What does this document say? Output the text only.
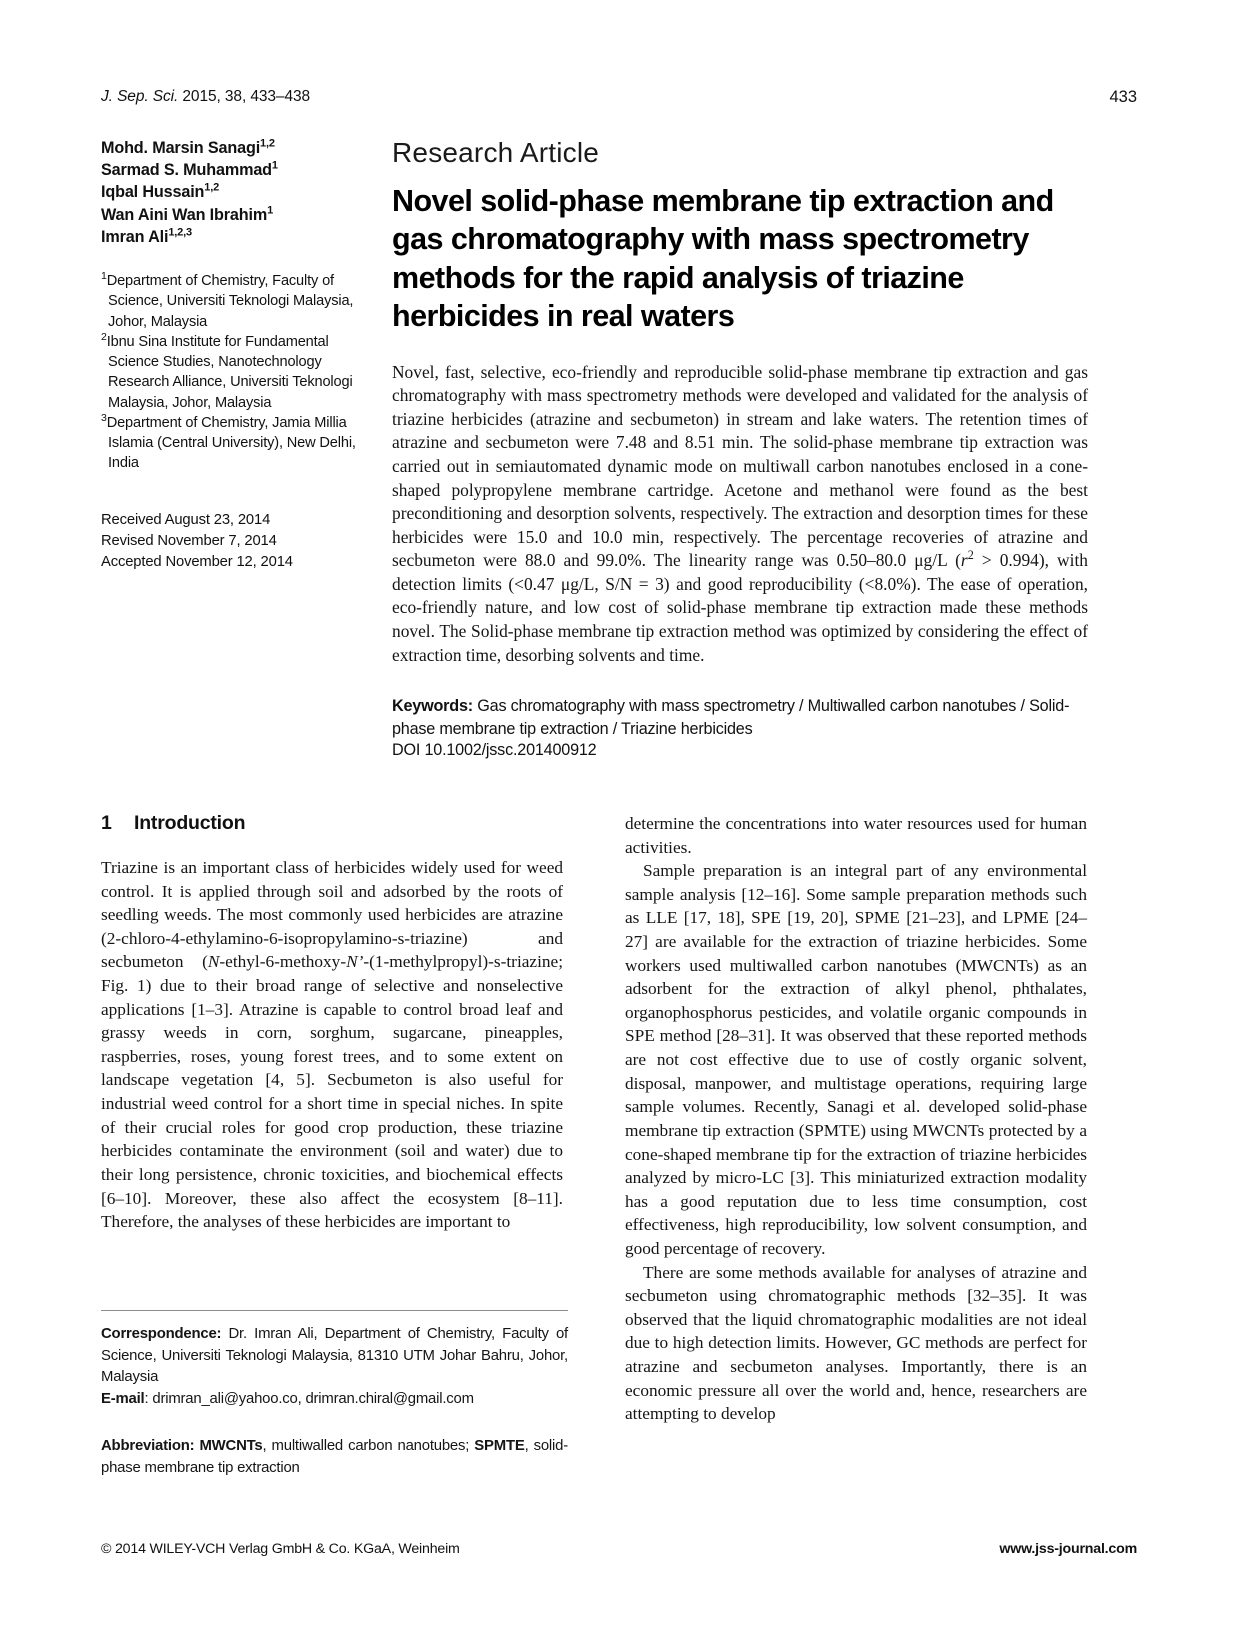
J. Sep. Sci. 2015, 38, 433–438	433
Mohd. Marsin Sanagi$^{1,2}$
Sarmad S. Muhammad$^1$
Iqbal Hussain$^{1,2}$
Wan Aini Wan Ibrahim$^1$
Imran Ali$^{1,2,3}$
$^1$Department of Chemistry, Faculty of Science, Universiti Teknologi Malaysia, Johor, Malaysia
$^2$Ibnu Sina Institute for Fundamental Science Studies, Nanotechnology Research Alliance, Universiti Teknologi Malaysia, Johor, Malaysia
$^3$Department of Chemistry, Jamia Millia Islamia (Central University), New Delhi, India
Received August 23, 2014
Revised November 7, 2014
Accepted November 12, 2014
Research Article
Novel solid-phase membrane tip extraction and gas chromatography with mass spectrometry methods for the rapid analysis of triazine herbicides in real waters
Novel, fast, selective, eco-friendly and reproducible solid-phase membrane tip extraction and gas chromatography with mass spectrometry methods were developed and validated for the analysis of triazine herbicides (atrazine and secbumeton) in stream and lake waters. The retention times of atrazine and secbumeton were 7.48 and 8.51 min. The solid-phase membrane tip extraction was carried out in semiautomated dynamic mode on multiwall carbon nanotubes enclosed in a cone-shaped polypropylene membrane cartridge. Acetone and methanol were found as the best preconditioning and desorption solvents, respectively. The extraction and desorption times for these herbicides were 15.0 and 10.0 min, respectively. The percentage recoveries of atrazine and secbumeton were 88.0 and 99.0%. The linearity range was 0.50–80.0 μg/L $(r^2 > 0.994)$, with detection limits (<0.47 μg/L, S/N = 3) and good reproducibility (<8.0%). The ease of operation, eco-friendly nature, and low cost of solid-phase membrane tip extraction made these methods novel. The Solid-phase membrane tip extraction method was optimized by considering the effect of extraction time, desorbing solvents and time.
Keywords: Gas chromatography with mass spectrometry / Multiwalled carbon nanotubes / Solid-phase membrane tip extraction / Triazine herbicides
DOI 10.1002/jssc.201400912
1 Introduction

Triazine is an important class of herbicides widely used for weed control. It is applied through soil and adsorbed by the roots of seedling weeds. The most commonly used herbicides are atrazine (2-chloro-4-ethylamino-6-isopropylamino-s-triazine) and secbumeton (N-ethyl-6-methoxy-N’-(1-methylpropyl)-s-triazine; Fig. 1) due to their broad range of selective and nonselective applications [1–3]. Atrazine is capable to control broad leaf and grassy weeds in corn, sorghum, sugarcane, pineapples, raspberries, roses, young forest trees, and to some extent on landscape vegetation [4, 5]. Secbumeton is also useful for industrial weed control for a short time in special niches. In spite of their crucial roles for good crop production, these triazine herbicides contaminate the environment (soil and water) due to their long persistence, chronic toxicities, and biochemical effects [6–10]. Moreover, these also affect the ecosystem [8–11]. Therefore, the analyses of these herbicides are important to

determine the concentrations into water resources used for human activities.

Sample preparation is an integral part of any environmental sample analysis [12–16]. Some sample preparation methods such as LLE [17, 18], SPE [19, 20], SPME [21–23], and LPME [24–27] are available for the extraction of triazine herbicides. Some workers used multiwalled carbon nanotubes (MWCNTs) as an adsorbent for the extraction of alkyl phenol, phthalates, organophosphorus pesticides, and volatile organic compounds in SPE method [28–31]. It was observed that these reported methods are not cost effective due to use of costly organic solvent, disposal, manpower, and multistage operations, requiring large sample volumes. Recently, Sanagi et al. developed solid-phase membrane tip extraction (SPMTE) using MWCNTs protected by a cone-shaped membrane tip for the extraction of triazine herbicides analyzed by micro-LC [3]. This miniaturized extraction modality has a good reputation due to less time consumption, cost effectiveness, high reproducibility, low solvent consumption, and good percentage of recovery.

There are some methods available for analyses of atrazine and secbumeton using chromatographic methods [32–35]. It was observed that the liquid chromatographic modalities are not ideal due to high detection limits. However, GC methods are perfect for atrazine and secbumeton analyses. Importantly, there is an economic pressure all over the world and, hence, researchers are attempting to develop

Correspondence: Dr. Imran Ali, Department of Chemistry, Faculty of Science, Universiti Teknologi Malaysia, 81310 UTM Johar Bahru, Johor, Malaysia
E-mail: drimran_ali@yahoo.co, drimran.chiral@gmail.com
Abbreviation: MWCNTs, multiwalled carbon nanotubes; SPMTE, solid-phase membrane tip extraction
© 2014 WILEY-VCH Verlag GmbH & Co. KGaA, Weinheim	www.jss-journal.com
